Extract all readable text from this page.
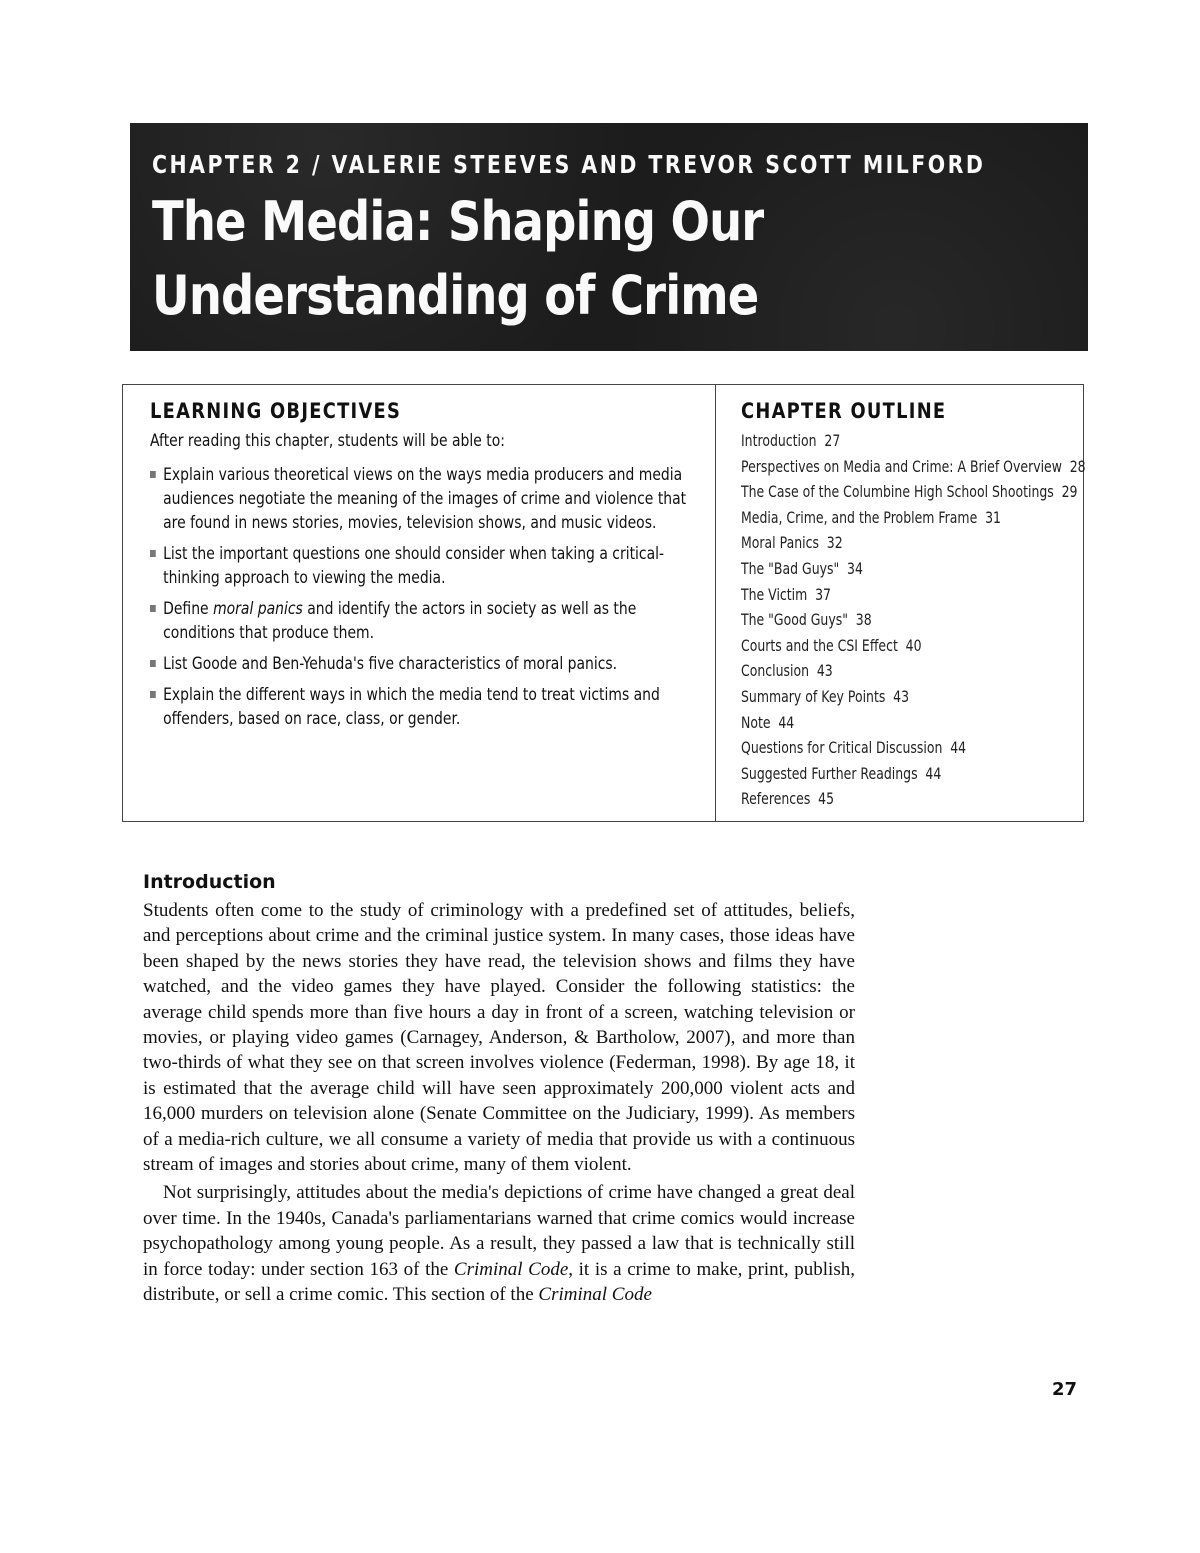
CHAPTER 2 / VALERIE STEEVES AND TREVOR SCOTT MILFORD
The Media: Shaping Our Understanding of Crime
LEARNING OBJECTIVES
After reading this chapter, students will be able to:
Explain various theoretical views on the ways media producers and media audiences negotiate the meaning of the images of crime and violence that are found in news stories, movies, television shows, and music videos.
List the important questions one should consider when taking a critical-thinking approach to viewing the media.
Define moral panics and identify the actors in society as well as the conditions that produce them.
List Goode and Ben-Yehuda's five characteristics of moral panics.
Explain the different ways in which the media tend to treat victims and offenders, based on race, class, or gender.
CHAPTER OUTLINE
Introduction 27
Perspectives on Media and Crime: A Brief Overview 28
The Case of the Columbine High School Shootings 29
Media, Crime, and the Problem Frame 31
Moral Panics 32
The "Bad Guys" 34
The Victim 37
The "Good Guys" 38
Courts and the CSI Effect 40
Conclusion 43
Summary of Key Points 43
Note 44
Questions for Critical Discussion 44
Suggested Further Readings 44
References 45
Introduction

Students often come to the study of criminology with a predefined set of attitudes, beliefs, and perceptions about crime and the criminal justice system. In many cases, those ideas have been shaped by the news stories they have read, the television shows and films they have watched, and the video games they have played. Consider the following statistics: the average child spends more than five hours a day in front of a screen, watching television or movies, or playing video games (Carnagey, Anderson, & Bartholow, 2007), and more than two-thirds of what they see on that screen involves violence (Federman, 1998). By age 18, it is estimated that the average child will have seen approximately 200,000 violent acts and 16,000 murders on television alone (Senate Committee on the Judiciary, 1999). As members of a media-rich culture, we all consume a variety of media that provide us with a continuous stream of images and stories about crime, many of them violent.

Not surprisingly, attitudes about the media's depictions of crime have changed a great deal over time. In the 1940s, Canada's parliamentarians warned that crime comics would increase psychopathology among young people. As a result, they passed a law that is technically still in force today: under section 163 of the Criminal Code, it is a crime to make, print, publish, distribute, or sell a crime comic. This section of the Criminal Code

27
